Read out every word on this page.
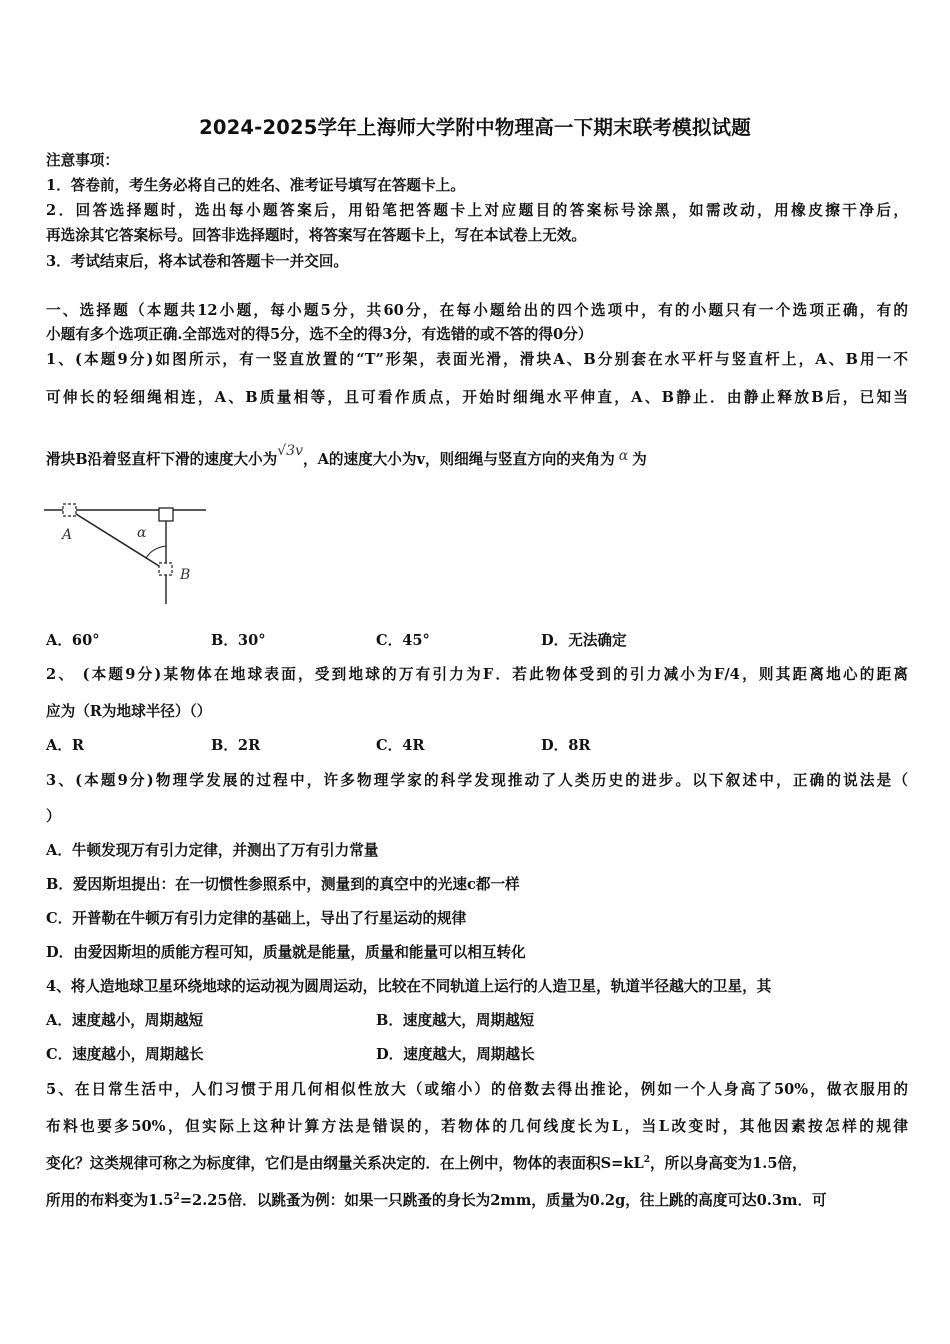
2024-2025学年上海师大学附中物理高一下期末联考模拟试题
注意事项：
1．答卷前，考生务必将自己的姓名、准考证号填写在答题卡上。
2．回答选择题时，选出每小题答案后，用铅笔把答题卡上对应题目的答案标号涂黑，如需改动，用橡皮擦干净后，
再选涂其它答案标号。回答非选择题时，将答案写在答题卡上，写在本试卷上无效。
3．考试结束后，将本试卷和答题卡一并交回。
一、选择题（本题共12小题，每小题5分，共60分，在每小题给出的四个选项中，有的小题只有一个选项正确，有的
小题有多个选项正确.全部选对的得5分，选不全的得3分，有选错的或不答的得0分）
1、(本题9分)如图所示，有一竖直放置的“T”形架，表面光滑，滑块A、B分别套在水平杆与竖直杆上，A、B用一不
可伸长的轻细绳相连，A、B质量相等，且可看作质点，开始时细绳水平伸直，A、B静止．由静止释放B后，已知当
滑块B沿着竖直杆下滑的速度大小为√3v，A的速度大小为v，则细绳与竖直方向的夹角为 α 为
A	α
B
A．60°	B．30°	C．45°	D．无法确定
2、 (本题9分)某物体在地球表面，受到地球的万有引力为F．若此物体受到的引力减小为F/4，则其距离地心的距离
应为（R为地球半径）（）
A．R	B．2R	C．4R	D．8R
3、(本题9分)物理学发展的过程中，许多物理学家的科学发现推动了人类历史的进步。以下叙述中，正确的说法是（
）
A．牛顿发现万有引力定律，并测出了万有引力常量
B．爱因斯坦提出：在一切惯性参照系中，测量到的真空中的光速c都一样
C．开普勒在牛顿万有引力定律的基础上，导出了行星运动的规律
D．由爱因斯坦的质能方程可知，质量就是能量，质量和能量可以相互转化
4、将人造地球卫星环绕地球的运动视为圆周运动，比较在不同轨道上运行的人造卫星，轨道半径越大的卫星，其
A．速度越小，周期越短	B．速度越大，周期越短
C．速度越小，周期越长	D．速度越大，周期越长
5、在日常生活中，人们习惯于用几何相似性放大（或缩小）的倍数去得出推论，例如一个人身高了50%，做衣服用的
布料也要多50%，但实际上这种计算方法是错误的，若物体的几何线度长为L，当L改变时，其他因素按怎样的规律
变化？这类规律可称之为标度律，它们是由纲量关系决定的．在上例中，物体的表面积$S=kL^2$，所以身高变为1.5倍，
所用的布料变为$1.5^2=2.25$倍．以跳蚤为例：如果一只跳蚤的身长为2mm，质量为0.2g，往上跳的高度可达0.3m．可
